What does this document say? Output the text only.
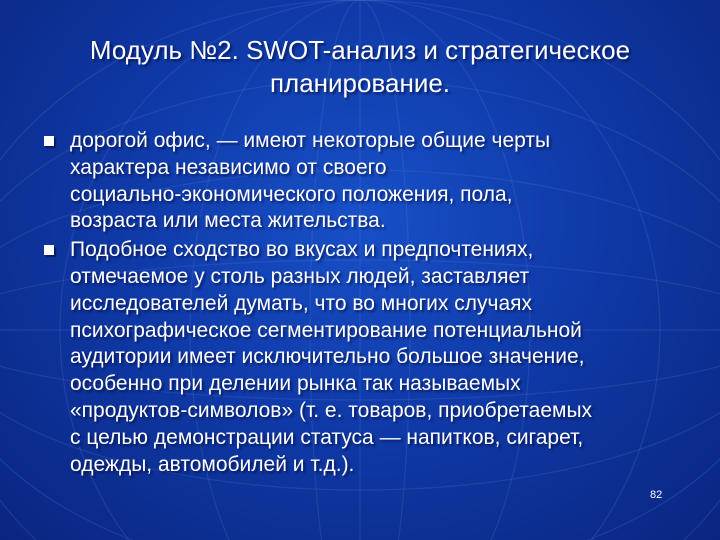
Модуль №2. SWOT-анализ и стратегическое
планирование.
дорогой офис, — имеют некоторые общие черты
характера независимо от своего
социально-экономического положения, пола,
возраста или места жительства.
Подобное сходство во вкусах и предпочтениях,
отмечаемое у столь разных людей, заставляет
исследователей думать, что во многих случаях
психографическое сегментирование потенциальной
аудитории имеет исключительно большое значение,
особенно при делении рынка так называемых
«продуктов-символов» (т. е. товаров, приобретаемых
с целью демонстрации статуса — напитков, сигарет,
одежды, автомобилей и т.д.).
82
